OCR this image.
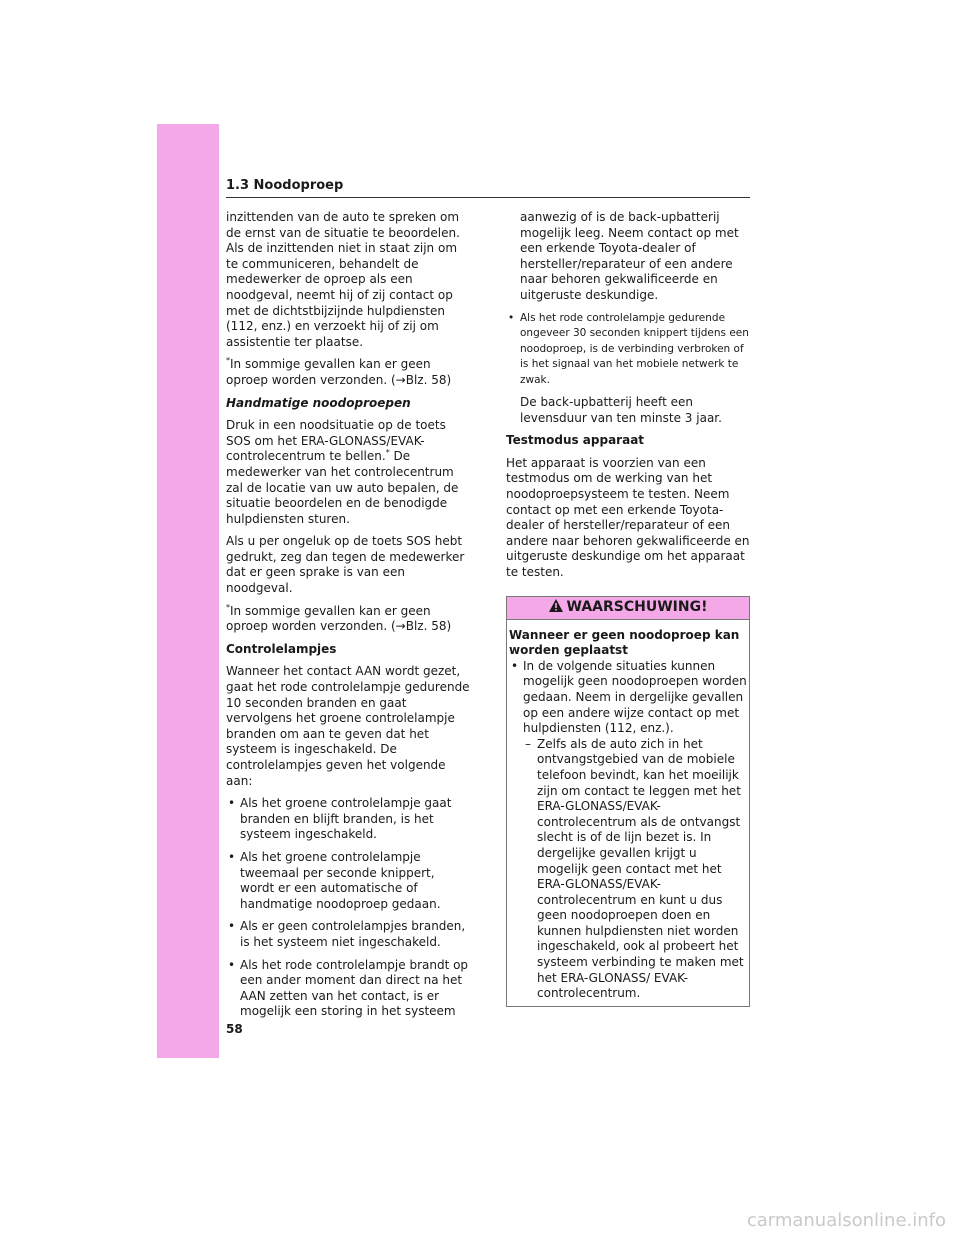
1.3 Noodoproep

inzittenden van de auto te spreken om de ernst van de situatie te beoordelen. Als de inzittenden niet in staat zijn om te communiceren, behandelt de medewerker de oproep als een noodgeval, neemt hij of zij contact op met de dichtstbijzijnde hulpdiensten (112, enz.) en verzoekt hij of zij om assistentie ter plaatse.

*In sommige gevallen kan er geen oproep worden verzonden. (→Blz. 58)

Handmatige noodoproepen

Druk in een noodsituatie op de toets SOS om het ERA-GLONASS/EVAK-controlecentrum te bellen.* De medewerker van het controlecentrum zal de locatie van uw auto bepalen, de situatie beoordelen en de benodigde hulpdiensten sturen.

Als u per ongeluk op de toets SOS hebt gedrukt, zeg dan tegen de medewerker dat er geen sprake is van een noodgeval.

*In sommige gevallen kan er geen oproep worden verzonden. (→Blz. 58)

Controlelampjes

Wanneer het contact AAN wordt gezet, gaat het rode controlelampje gedurende 10 seconden branden en gaat vervolgens het groene controlelampje branden om aan te geven dat het systeem is ingeschakeld. De controlelampjes geven het volgende aan:

• Als het groene controlelampje gaat branden en blijft branden, is het systeem ingeschakeld.
• Als het groene controlelampje tweemaal per seconde knippert, wordt er een automatische of handmatige noodoproep gedaan.
• Als er geen controlelampjes branden, is het systeem niet ingeschakeld.
• Als het rode controlelampje brandt op een ander moment dan direct na het AAN zetten van het contact, is er mogelijk een storing in het systeem

aanwezig of is de back-upbatterij mogelijk leeg. Neem contact op met een erkende Toyota-dealer of hersteller/reparateur of een andere naar behoren gekwalificeerde en uitgeruste deskundige.

• Als het rode controlelampje gedurende ongeveer 30 seconden knippert tijdens een noodoproep, is de verbinding verbroken of is het signaal van het mobiele netwerk te zwak.

De back-upbatterij heeft een levensduur van ten minste 3 jaar.

Testmodus apparaat

Het apparaat is voorzien van een testmodus om de werking van het noodoproepsysteem te testen. Neem contact op met een erkende Toyota-dealer of hersteller/reparateur of een andere naar behoren gekwalificeerde en uitgeruste deskundige om het apparaat te testen.

WAARSCHUWING!

Wanneer er geen noodoproep kan worden geplaatst

• In de volgende situaties kunnen mogelijk geen noodoproepen worden gedaan. Neem in dergelijke gevallen op een andere wijze contact op met hulpdiensten (112, enz.).
– Zelfs als de auto zich in het ontvangstgebied van de mobiele telefoon bevindt, kan het moeilijk zijn om contact te leggen met het ERA-GLONASS/EVAK-controlecentrum als de ontvangst slecht is of de lijn bezet is. In dergelijke gevallen krijgt u mogelijk geen contact met het ERA-GLONASS/EVAK-controlecentrum en kunt u dus geen noodoproepen doen en kunnen hulpdiensten niet worden ingeschakeld, ook al probeert het systeem verbinding te maken met het ERA-GLONASS/ EVAK-controlecentrum.
58
carmanualsonline.info
